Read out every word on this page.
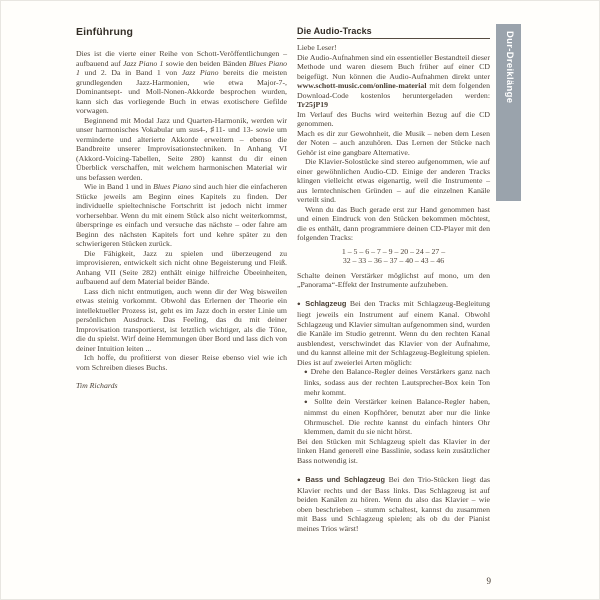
Einführung

Dies ist die vierte einer Reihe von Schott-Veröffentlichungen – aufbauend auf Jazz Piano 1 sowie den beiden Bänden Blues Piano 1 und 2. Da in Band 1 von Jazz Piano bereits die meisten grundlegenden Jazz-Harmonien, wie etwa Major-7-, Dominantsept- und Moll-Nonen-Akkorde besprochen wurden, kann sich das vorliegende Buch in etwas exotischere Gefilde vorwagen.

Beginnend mit Modal Jazz und Quarten-Harmonik, werden wir unser harmonisches Vokabular um sus4-, ♯11- und 13- sowie um verminderte und alterierte Akkorde erweitern – ebenso die Bandbreite unserer Improvisationstechniken. In Anhang VI (Akkord-Voicing-Tabellen, Seite 280) kannst du dir einen Überblick verschaffen, mit welchem harmonischen Material wir uns befassen werden.

Wie in Band 1 und in Blues Piano sind auch hier die einfacheren Stücke jeweils am Beginn eines Kapitels zu finden. Der individuelle spieltechnische Fortschritt ist jedoch nicht immer vorhersehbar. Wenn du mit einem Stück also nicht weiterkommst, überspringe es einfach und versuche das nächste – oder fahre am Beginn des nächsten Kapitels fort und kehre später zu den schwierigeren Stücken zurück.

Die Fähigkeit, Jazz zu spielen und überzeugend zu improvisieren, entwickelt sich nicht ohne Begeisterung und Fleiß. Anhang VII (Seite 282) enthält einige hilfreiche Übeeinheiten, aufbauend auf dem Material beider Bände.

Lass dich nicht entmutigen, auch wenn dir der Weg bisweilen etwas steinig vorkommt. Obwohl das Erlernen der Theorie ein intellektueller Prozess ist, geht es im Jazz doch in erster Linie um persönlichen Ausdruck. Das Feeling, das du mit deiner Improvisation transportierst, ist letztlich wichtiger, als die Töne, die du spielst. Wirf deine Hemmungen über Bord und lass dich von deiner Intuition leiten ...

Ich hoffe, du profitierst von dieser Reise ebenso viel wie ich vom Schreiben dieses Buchs.

Tim Richards

Die Audio-Tracks

Liebe Leser!

Die Audio-Aufnahmen sind ein essentieller Bestandteil dieser Methode und waren diesem Buch früher auf einer CD beigefügt. Nun können die Audio-Aufnahmen direkt unter www.schott-music.com/online-material mit dem folgenden Download-Code kostenlos heruntergeladen werden: Tr25jP19

Im Verlauf des Buchs wird weiterhin Bezug auf die CD genommen.

Mach es dir zur Gewohnheit, die Musik – neben dem Lesen der Noten – auch anzuhören. Das Lernen der Stücke nach Gehör ist eine gangbare Alternative.

Die Klavier-Solostücke sind stereo aufgenommen, wie auf einer gewöhnlichen Audio-CD. Einige der anderen Tracks klingen vielleicht etwas eigenartig, weil die Instrumente – aus lerntechnischen Gründen – auf die einzelnen Kanäle verteilt sind.

Wenn du das Buch gerade erst zur Hand genommen hast und einen Eindruck von den Stücken bekommen möchtest, die es enthält, dann programmiere deinen CD-Player mit den folgenden Tracks:

1 – 5 – 6 – 7 – 9 – 20 – 24 – 27 –
32 – 33 – 36 – 37 – 40 – 43 – 46

Schalte deinen Verstärker möglichst auf mono, um den „Panorama“-Effekt der Instrumente aufzuheben.

● Schlagzeug Bei den Tracks mit Schlagzeug-Begleitung liegt jeweils ein Instrument auf einem Kanal. Obwohl Schlagzeug und Klavier simultan aufgenommen sind, wurden die Kanäle im Studio getrennt. Wenn du den rechten Kanal ausblendest, verschwindet das Klavier von der Aufnahme, und du kannst alleine mit der Schlagzeug-Begleitung spielen. Dies ist auf zweierlei Arten möglich:

● Drehe den Balance-Regler deines Verstärkers ganz nach links, sodass aus der rechten Lautsprecher-Box kein Ton mehr kommt.

● Sollte dein Verstärker keinen Balance-Regler haben, nimmst du einen Kopfhörer, benutzt aber nur die linke Ohrmuschel. Die rechte kannst du einfach hinters Ohr klemmen, damit du sie nicht hörst.

Bei den Stücken mit Schlagzeug spielt das Klavier in der linken Hand generell eine Basslinie, sodass kein zusätzlicher Bass notwendig ist.

● Bass und Schlagzeug Bei den Trio-Stücken liegt das Klavier rechts und der Bass links. Das Schlagzeug ist auf beiden Kanälen zu hören. Wenn du also das Klavier – wie oben beschrieben – stumm schaltest, kannst du zusammen mit Bass und Schlagzeug spielen; als ob du der Pianist meines Trios wärst!

Dur-Dreiklänge
9
